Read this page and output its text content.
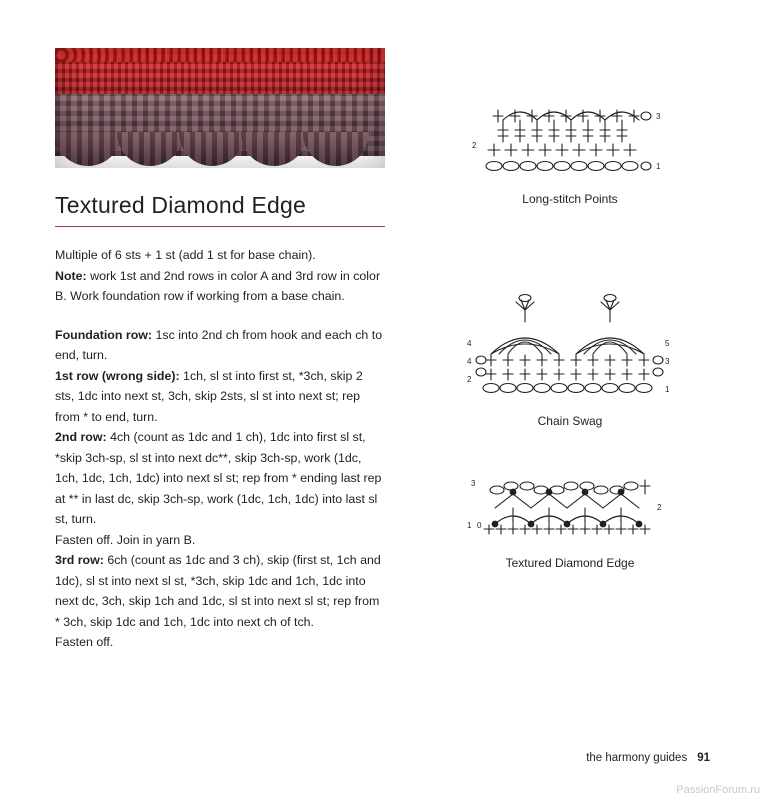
Textured Diamond Edge

Multiple of 6 sts + 1 st (add 1 st for base chain).

Note: work 1st and 2nd rows in color A and 3rd row in color B. Work foundation row if working from a base chain.

Foundation row: 1sc into 2nd ch from hook and each ch to end, turn.

1st row (wrong side): 1ch, sl st into first st, *3ch, skip 2 sts, 1dc into next st, 3ch, skip 2sts, sl st into next st; rep from * to end, turn.

2nd row: 4ch (count as 1dc and 1 ch), 1dc into first sl st, *skip 3ch-sp, sl st into next dc**, skip 3ch-sp, work (1dc, 1ch, 1dc, 1ch, 1dc) into next sl st; rep from * ending last rep at ** in last dc, skip 3ch-sp, work (1dc, 1ch, 1dc) into last sl st, turn.

Fasten off. Join in yarn B.

3rd row: 6ch (count as 1dc and 3 ch), skip (first st, 1ch and 1dc), sl st into next sl st, *3ch, skip 1dc and 1ch, 1dc into next dc, 3ch, skip 1ch and 1dc, sl st into next sl st; rep from * 3ch, skip 1dc and 1ch, 1dc into next ch of tch.

Fasten off.

2
3
1
Long-stitch Points
4
4
2
5
3
1
Chain Swag
3
1 0
2
Textured Diamond Edge
the harmony guides 91
PassionForum.ru
